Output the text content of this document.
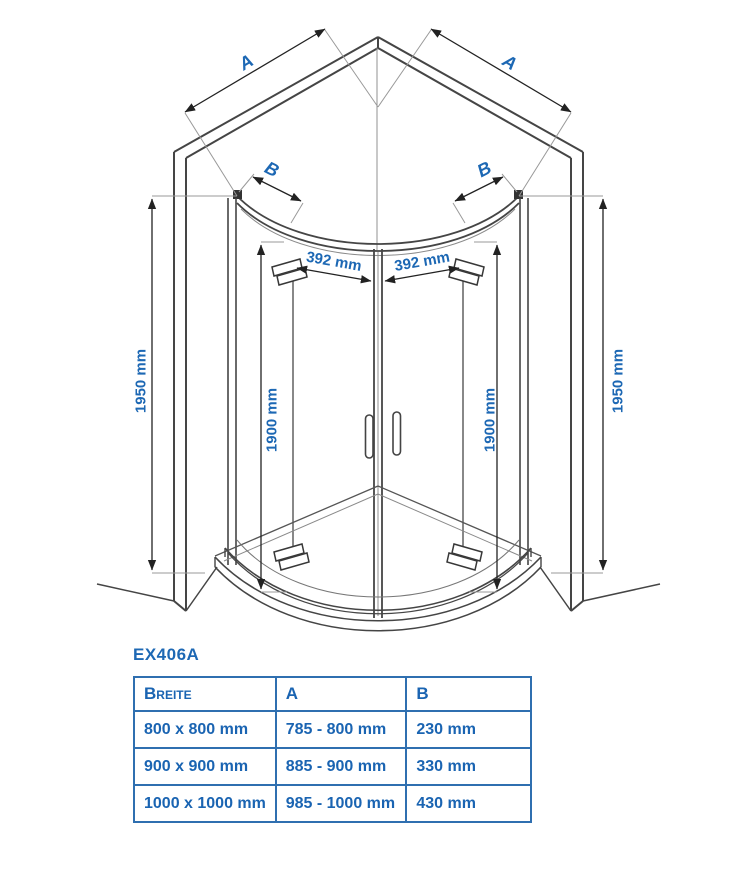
A	A
B	B
392 mm 392 mm
1950 mm
1900 mm
1950 mm
1900 mm
EX406A
Breite	A	B
800 x 800 mm	785 - 800 mm	230 mm
900 x 900 mm	885 - 900 mm	330 mm
1000 x 1000 mm	985 - 1000 mm	430 mm
